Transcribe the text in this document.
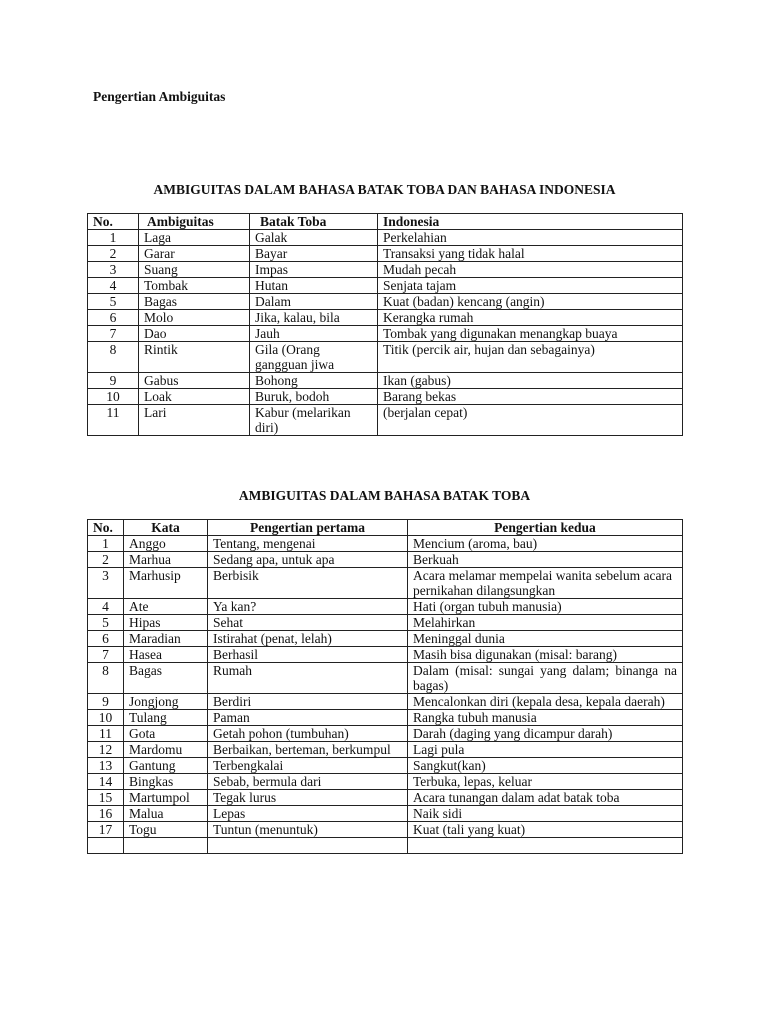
Pengertian Ambiguitas

AMBIGUITAS DALAM BAHASA BATAK TOBA DAN BAHASA INDONESIA

No.	Ambiguitas	Batak Toba	Indonesia
1	Laga	Galak	Perkelahian
2	Garar	Bayar	Transaksi yang tidak halal
3	Suang	Impas	Mudah pecah
4	Tombak	Hutan	Senjata tajam
5	Bagas	Dalam	Kuat (badan) kencang (angin)
6	Molo	Jika, kalau, bila	Kerangka rumah
7	Dao	Jauh	Tombak yang digunakan menangkap buaya
8	Rintik	Gila (Orang gangguan jiwa	Titik (percik air, hujan dan sebagainya)
9	Gabus	Bohong	Ikan (gabus)
10	Loak	Buruk, bodoh	Barang bekas
11	Lari	Kabur (melarikan diri)	(berjalan cepat)

AMBIGUITAS DALAM BAHASA BATAK TOBA

No.	Kata	Pengertian pertama	Pengertian kedua
1	Anggo	Tentang, mengenai	Mencium (aroma, bau)
2	Marhua	Sedang apa, untuk apa	Berkuah
3	Marhusip	Berbisik	Acara melamar mempelai wanita sebelum acara pernikahan dilangsungkan
4	Ate	Ya kan?	Hati (organ tubuh manusia)
5	Hipas	Sehat	Melahirkan
6	Maradian	Istirahat (penat, lelah)	Meninggal dunia
7	Hasea	Berhasil	Masih bisa digunakan (misal: barang)
8	Bagas	Rumah	Dalam (misal: sungai yang dalam; binanga na bagas)
9	Jongjong	Berdiri	Mencalonkan diri (kepala desa, kepala daerah)
10	Tulang	Paman	Rangka tubuh manusia
11	Gota	Getah pohon (tumbuhan)	Darah (daging yang dicampur darah)
12	Mardomu	Berbaikan, berteman, berkumpul	Lagi pula
13	Gantung	Terbengkalai	Sangkut(kan)
14	Bingkas	Sebab, bermula dari	Terbuka, lepas, keluar
15	Martumpol	Tegak lurus	Acara tunangan dalam adat batak toba
16	Malua	Lepas	Naik sidi
17	Togu	Tuntun (menuntuk)	Kuat (tali yang kuat)
